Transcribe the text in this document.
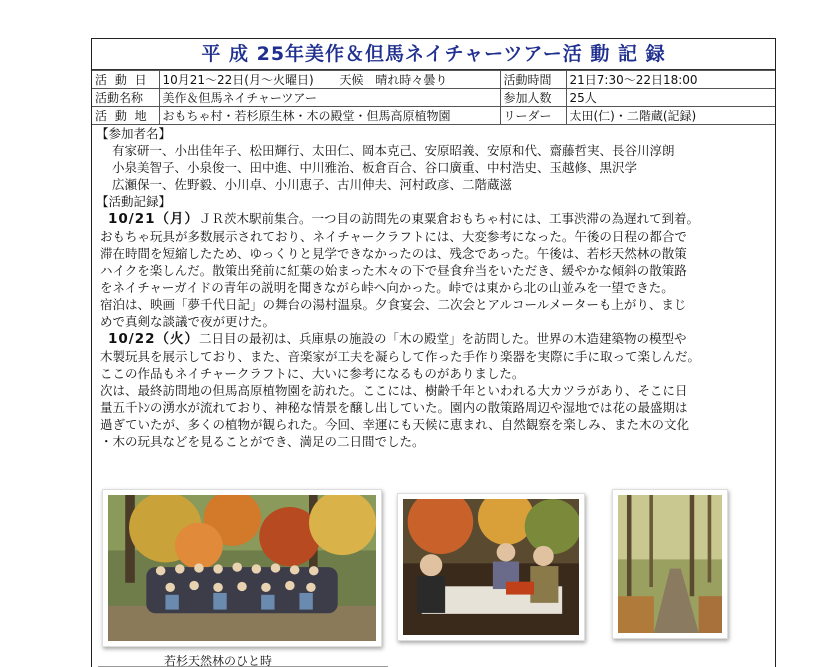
平 成 25年美作＆但馬ネイチャーツアー活 動 記 録
活 動 日	10月21～22日(月～火曜日) 天候 晴れ時々曇り	活動時間	21日7:30～22日18:00
活動名称	美作＆但馬ネイチャーツアー	参加人数	25人
活 動 地	おもちゃ村・若杉原生林・木の殿堂・但馬高原植物園	リーダー	太田(仁)・二階蔵(記録)
【参加者名】
有家研一、小出佳年子、松田輝行、太田仁、岡本克己、安原昭義、安原和代、齋藤哲実、長谷川淳朗
小泉美智子、小泉俊一、田中進、中川雅治、板倉百合、谷口廣重、中村浩史、玉越修、黒沢学
広瀬保一、佐野毅、小川卓、小川恵子、古川伸夫、河村政彦、二階蔵滋
【活動記録】
10/21（月）ＪＲ茨木駅前集合。一つ目の訪問先の東粟倉おもちゃ村には、工事渋滞の為遅れて到着。
おもちゃ玩具が多数展示されており、ネイチャークラフトには、大変参考になった。午後の日程の都合で
滞在時間を短縮したため、ゆっくりと見学できなかったのは、残念であった。午後は、若杉天然林の散策
ハイクを楽しんだ。散策出発前に紅葉の始まった木々の下で昼食弁当をいただき、緩やかな傾斜の散策路
をネイチャーガイドの青年の説明を聞きながら峠へ向かった。峠では東から北の山並みを一望できた。
宿泊は、映画「夢千代日記」の舞台の湯村温泉。夕食宴会、二次会とアルコールメーターも上がり、まじ
めで真剣な談議で夜が更けた。
10/22（火）二日目の最初は、兵庫県の施設の「木の殿堂」を訪問した。世界の木造建築物の模型や
木製玩具を展示しており、また、音楽家が工夫を凝らして作った手作り楽器を実際に手に取って楽しんだ。
ここの作品もネイチャークラフトに、大いに参考になるものがありました。
次は、最終訪問地の但馬高原植物園を訪れた。ここには、樹齢千年といわれる大カツラがあり、そこに日
量五千ﾄﾝの湧水が流れており、神秘な情景を醸し出していた。園内の散策路周辺や湿地では花の最盛期は
過ぎていたが、多くの植物が観られた。今回、幸運にも天候に恵まれ、自然観察を楽しみ、また木の文化
・木の玩具などを見ることができ、満足の二日間でした。
若杉天然林のひと時
